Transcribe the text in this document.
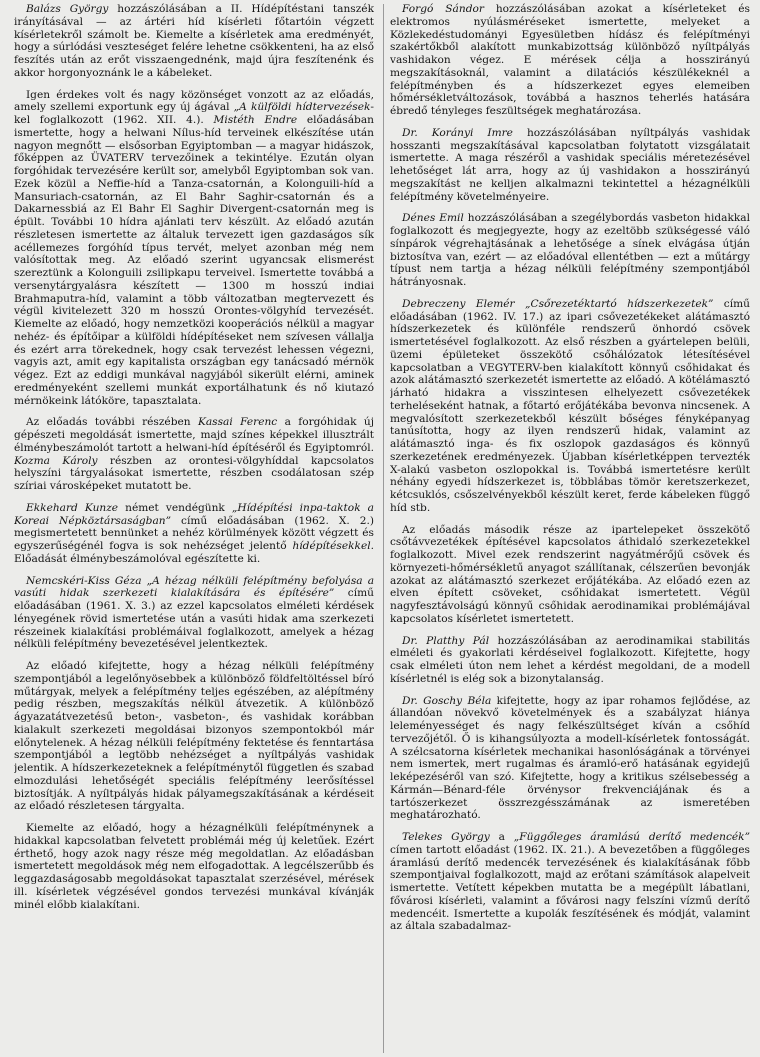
Balázs György hozzászólásában a II. Hídépítéstani tanszék irányításával — az ártéri híd kísérleti főtartóin végzett kísérletekről számolt be. Kiemelte a kísérletek ama eredményét, hogy a súrlódási veszteséget felére lehetne csökkenteni, ha az első feszítés után az erőt visszaengednénk, majd újra feszítenénk és akkor horgonyoznánk le a kábeleket.

Igen érdekes volt és nagy közönséget vonzott az az előadás, amely szellemi exportunk egy új ágával „A külföldi hídtervezések-kel foglalkozott (1962. XII. 4.). Mistéth Endre előadásában ismertette, hogy a helwani Nílus-híd terveinek elkészítése után nagyon megnőtt — elsősorban Egyiptomban — a magyar hidászok, főképpen az ÜVATERV tervezőinek a tekintélye. Ezután olyan forgóhidak tervezésére került sor, amelyből Egyiptomban sok van. Ezek közül a Neffie-híd a Tanza-csatornán, a Kolonguili-híd a Mansuriach-csatornán, az El Bahr Saghir-csatornán és a Dakarnessbiá az El Bahr El Saghir Divergent-csatornán meg is épült. További 10 hídra ajánlati terv készült. Az előadó azután részletesen ismertette az általuk tervezett igen gazdaságos sík acéllemezes forgóhíd típus tervét, melyet azonban még nem valósítottak meg. Az előadó szerint ugyancsak elismerést szereztünk a Kolonguili zsilipkapu terveivel. Ismertette továbbá a versenytárgyalásra készített — 1300 m hosszú indiai Brahmaputra-híd, valamint a több változatban megtervezett és végül kivitelezett 320 m hosszú Orontes-völgyhíd tervezését. Kiemelte az előadó, hogy nemzetközi kooperációs nélkül a magyar nehéz- és építőipar a külföldi hídépítéseket nem szívesen vállalja és ezért arra törekednek, hogy csak tervezést lehessen végezni, vagyis azt, amit egy kapitalista országban egy tanácsadó mérnök végez. Ezt az eddigi munkával nagyjából sikerült elérni, aminek eredményeként szellemi munkát exportálhatunk és nő kiutazó mérnökeink látóköre, tapasztalata.

Az előadás további részében Kassai Ferenc a forgóhidak új gépészeti megoldását ismertette, majd színes képekkel illusztrált élménybeszámolót tartott a helwani-híd építéséről és Egyiptomról. Kozma Károly részben az orontesi-völgyhíddal kapcsolatos helyszíni tárgyalásokat ismertette, részben csodálatosan szép szíriai városképeket mutatott be.

Ekkehard Kunze német vendégünk „Hídépítési inpa-taktok a Koreai Népköztársaságban” című előadásában (1962. X. 2.) megismertetett bennünket a nehéz körülmények között végzett és egyszerűségénél fogva is sok nehézséget jelentő hídépítésekkel. Előadását élménybeszámolóval egészítette ki.

Nemcskéri-Kiss Géza „A hézag nélküli felépítmény befolyása a vasúti hidak szerkezeti kialakítására és építésére” című előadásában (1961. X. 3.) az ezzel kapcsolatos elméleti kérdések lényegének rövid ismertetése után a vasúti hidak ama szerkezeti részeinek kialakítási problémáival foglalkozott, amelyek a hézag nélküli felépítmény bevezetésével jelentkeztek.

Az előadó kifejtette, hogy a hézag nélküli felépítmény szempontjából a legelőnyösebbek a különböző földfeltöltéssel bíró műtárgyak, melyek a felépítmény teljes egészében, az alépítmény pedig részben, megszakítás nélkül átvezetik. A különböző ágyazatátvezetésű beton-, vasbeton-, és vashidak korábban kialakult szerkezeti megoldásai bizonyos szempontokból már előnytelenek. A hézag nélküli felépítmény fektetése és fenntartása szempontjából a legtöbb nehézséget a nyíltpályás vashidak jelentik. A hídszerkezeteknek a felépítménytől független és szabad elmozdulási lehetőségét speciális felépítmény leerősítéssel biztosítják. A nyíltpályás hidak pályamegszakításának a kérdéseit az előadó részletesen tárgyalta.

Kiemelte az előadó, hogy a hézagnélküli felépítménynek a hidakkal kapcsolatban felvetett problémái még új keletűek. Ezért érthető, hogy azok nagy része még megoldatlan. Az előadásban ismertetett megoldások még nem elfogadottak. A legcélszerűbb és leggazdaságosabb megoldásokat tapasztalat szerzésével, mérések ill. kísérletek végzésével gondos tervezési munkával kívánják minél előbb kialakítani.

Forgó Sándor hozzászólásában azokat a kísérleteket és elektromos nyúlásméréseket ismertette, melyeket a Közlekedéstudományi Egyesületben hídász és felépítményi szakértőkből alakított munkabizottság különböző nyíltpályás vashidakon végez. E mérések célja a hosszirányú megszakításoknál, valamint a dilatációs készülékeknél a felépítményben és a hídszerkezet egyes elemeiben hőmérsékletváltozások, továbbá a hasznos teherlés hatására ébredő tényleges feszültségek meghatározása.

Dr. Korányi Imre hozzászólásában nyíltpályás vashidak hosszanti megszakításával kapcsolatban folytatott vizsgálatait ismertette. A maga részéről a vashidak speciális méretezésével lehetőséget lát arra, hogy az új vashidakon a hosszirányú megszakítást ne kelljen alkalmazni tekintettel a hézagnélküli felépítmény követelményeire.

Dénes Emil hozzászólásában a szegélybordás vasbeton hidakkal foglalkozott és megjegyezte, hogy az ezeltöbb szükségessé váló sínpárok végrehajtásának a lehetősége a sínek elvágása útján biztosítva van, ezért — az előadóval ellentétben — ezt a műtárgy típust nem tartja a hézag nélküli felépítmény szempontjából hátrányosnak.

Debreczeny Elemér „Csőrezetéktartó hídszerkezetek” című előadásában (1962. IV. 17.) az ipari csővezetékeket alátámasztó hídszerkezetek és különféle rendszerű önhordó csövek ismertetésével foglalkozott. Az első részben a gyártelepen belüli, üzemi épületeket összekötő csőhálózatok létesítésével kapcsolatban a VEGYTERV-ben kialakított könnyű csőhidakat és azok alátámasztó szerkezetét ismertette az előadó. A kötélámasztó járható hidakra a visszintesen elhelyezett csővezetékek terheléseként hatnak, a főtartó erőjátékába bevonva nincsenek. A megvalósított szerkezetekből készült bőséges fényképanyag tanúsította, hogy az ilyen rendszerű hidak, valamint az alátámasztó inga- és fix oszlopok gazdaságos és könnyű szerkezetének eredményezek. Újabban kísérletképpen tervezték X-alakú vasbeton oszlopokkal is. Továbbá ismertetésre került néhány egyedi hídszerkezet is, többlábas tömör keretszerkezet, kétcsuklós, csőszelvényekből készült keret, ferde kábeleken függő híd stb.

Az előadás második része az ipartelepeket összekötő csőtávvezetékek építésével kapcsolatos áthidaló szerkezetekkel foglalkozott. Mivel ezek rendszerint nagyátmérőjű csövek és környezeti-hőmérsékletű anyagot szállítanak, célszerűen bevonják azokat az alátámasztó szerkezet erőjátékába. Az előadó ezen az elven épített csöveket, csőhidakat ismertetett. Végül nagyfesztávolságú könnyű csőhidak aerodinamikai problémájával kapcsolatos kísérletet ismertetett.

Dr. Platthy Pál hozzászólásában az aerodinamikai stabilitás elméleti és gyakorlati kérdéseivel foglalkozott. Kifejtette, hogy csak elméleti úton nem lehet a kérdést megoldani, de a modell kísérletnél is elég sok a bizonytalanság.

Dr. Goschy Béla kifejtette, hogy az ipar rohamos fejlődése, az állandóan növekvő követelmények és a szabályzat hiánya leleményességet és nagy felkészültséget kíván a csőhíd tervezőjétől. Ő is kihangsúlyozta a modell-kísérletek fontosságát. A szélcsatorna kísérletek mechanikai hasonlóságának a törvényei nem ismertek, mert rugalmas és áramló-erő hatásának egyidejű leképezéséről van szó. Kifejtette, hogy a kritikus szélsebesség a Kármán—Bénard-féle örvénysor frekvenciájának és a tartószerkezet összrezgésszámának az ismeretében meghatározható.

Telekes György a „Függőleges áramlású derítő medencék” címen tartott előadást (1962. IX. 21.). A bevezetőben a függőleges áramlású derítő medencék tervezésének és kialakításának főbb szempontjaival foglalkozott, majd az erőtani számítások alapelveit ismertette. Vetített képekben mutatta be a megépült lábatlani, fővárosi kísérleti, valamint a fővárosi nagy felszíni vízmű derítő medencéit. Ismertette a kupolák feszítésének és módját, valamint az általa szabadalmaz-
